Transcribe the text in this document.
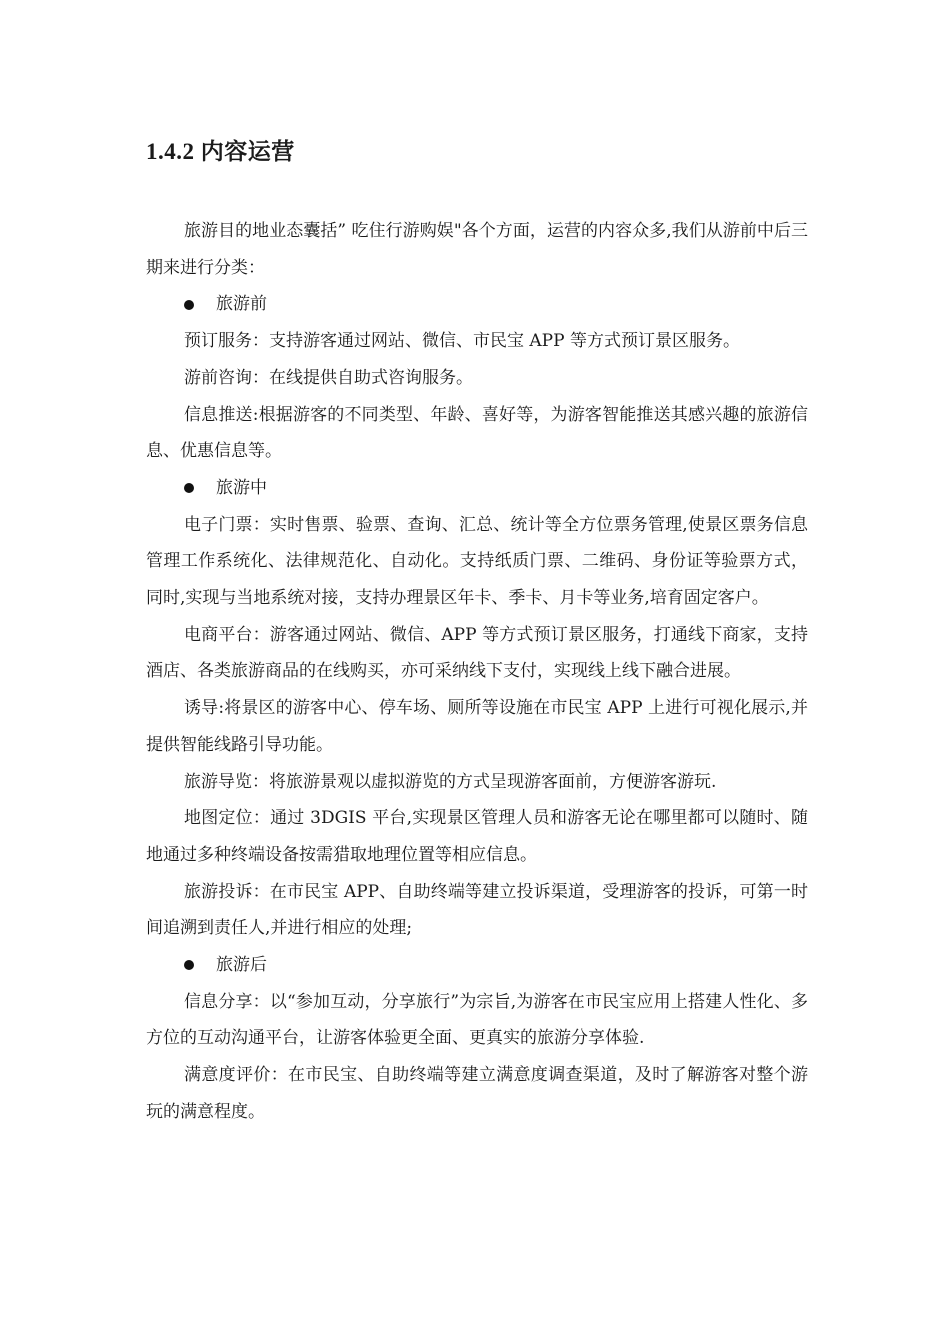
1.4.2 内容运营

旅游目的地业态囊括” 吃住行游购娱"各个方面，运营的内容众多,我们从游前中后三期来进行分类：

旅游前

预订服务：支持游客通过网站、微信、市民宝 APP 等方式预订景区服务。

游前咨询：在线提供自助式咨询服务。

信息推送:根据游客的不同类型、年龄、喜好等，为游客智能推送其感兴趣的旅游信息、优惠信息等。

旅游中

电子门票：实时售票、验票、查询、汇总、统计等全方位票务管理,使景区票务信息管理工作系统化、法律规范化、自动化。支持纸质门票、二维码、身份证等验票方式，同时,实现与当地系统对接，支持办理景区年卡、季卡、月卡等业务,培育固定客户。

电商平台：游客通过网站、微信、APP 等方式预订景区服务，打通线下商家，支持酒店、各类旅游商品的在线购买，亦可采纳线下支付，实现线上线下融合进展。

诱导:将景区的游客中心、停车场、厕所等设施在市民宝 APP 上进行可视化展示,并提供智能线路引导功能。

旅游导览：将旅游景观以虚拟游览的方式呈现游客面前，方便游客游玩.

地图定位：通过 3DGIS 平台,实现景区管理人员和游客无论在哪里都可以随时、随地通过多种终端设备按需猎取地理位置等相应信息。

旅游投诉：在市民宝 APP、自助终端等建立投诉渠道，受理游客的投诉，可第一时间追溯到责任人,并进行相应的处理;

旅游后

信息分享：以“参加互动，分享旅行”为宗旨,为游客在市民宝应用上搭建人性化、多方位的互动沟通平台，让游客体验更全面、更真实的旅游分享体验.

满意度评价：在市民宝、自助终端等建立满意度调查渠道，及时了解游客对整个游玩的满意程度。
